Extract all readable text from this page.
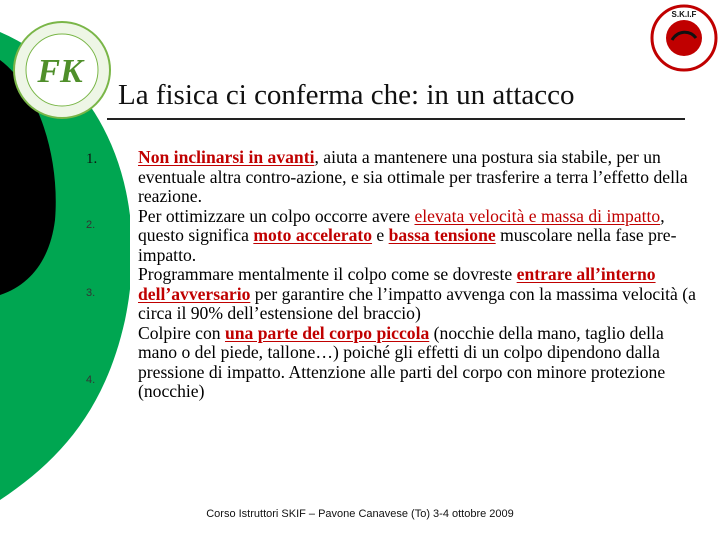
FK
S.K.I.F
La fisica ci conferma che: in un attacco
1.
2.
3.
4.

Non inclinarsi in avanti, aiuta a mantenere una postura sia stabile, per un eventuale altra contro-azione, e sia ottimale per trasferire a terra l’effetto della reazione.

Per ottimizzare un colpo occorre avere elevata velocità e massa di impatto, questo significa moto accelerato e bassa tensione muscolare nella fase pre-impatto.

Programmare mentalmente il colpo come se dovreste entrare all’interno dell’avversario per garantire che l’impatto avvenga con la massima velocità (a circa il 90% dell’estensione del braccio)

Colpire con una parte del corpo piccola (nocchie della mano, taglio della mano o del piede, tallone…) poiché gli effetti di un colpo dipendono dalla pressione di impatto. Attenzione alle parti del corpo con minore protezione (nocchie)

Corso Istruttori SKIF – Pavone Canavese (To) 3-4 ottobre 2009
